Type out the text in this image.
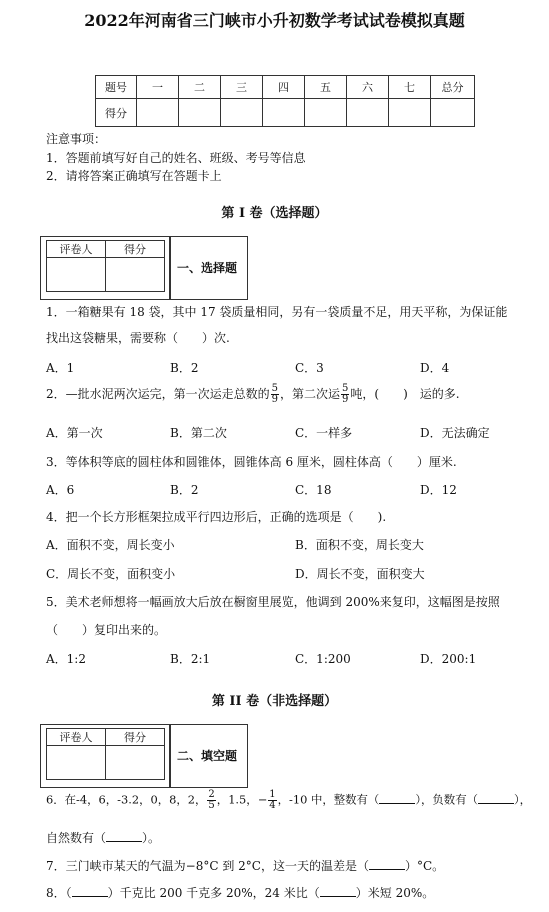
2022年河南省三门峡市小升初数学考试试卷模拟真题
题号	一	二	三	四	五	六	七	总分
得分								
注意事项：
1．答题前填写好自己的姓名、班级、考号等信息
2．请将答案正确填写在答题卡上
第 I 卷（选择题）
评卷人	得分

一、选择题
1．一箱糖果有 18 袋，其中 17 袋质量相同，另有一袋质量不足，用天平称，为保证能
找出这袋糖果，需要称（　　）次.
A．1	B．2	C．3	D．4
2．—批水泥两次运完，第一次运走总数的 $\frac{5}{9}$ ，第二次运 $\frac{5}{9}$ 吨，(　　)　运的多.
A．第一次	B．第二次	C．一样多	D．无法确定
3．等体积等底的圆柱体和圆锥体，圆锥体高 6 厘米，圆柱体高（　　）厘米.
A．6	B．2	C．18	D．12
4．把一个长方形框架拉成平行四边形后，正确的选项是（　　).
A．面积不变，周长变小	B．面积不变，周长变大
C．周长不变，面积变小	D．周长不变，面积变大
5．美术老师想将一幅画放大后放在橱窗里展览，他调到 200%来复印，这幅图是按照
（　　）复印出来的。
A．1:2	B．2:1	C．1:200	D．200:1
第 II 卷（非选择题）
评卷人	得分

二、填空题
6．在-4，6，-3.2，0，8，2， $\frac{2}{5}$ ，1.5，− $\frac{1}{4}$ ，-10 中，整数有（	），负数有（	），
自然数有（	）。
7．三门峡市某天的气温为−8°C 到 2°C，这一天的温差是（	）°C。
8．（	）千克比 200 千克多 20%，24 米比（	）米短 20%。
